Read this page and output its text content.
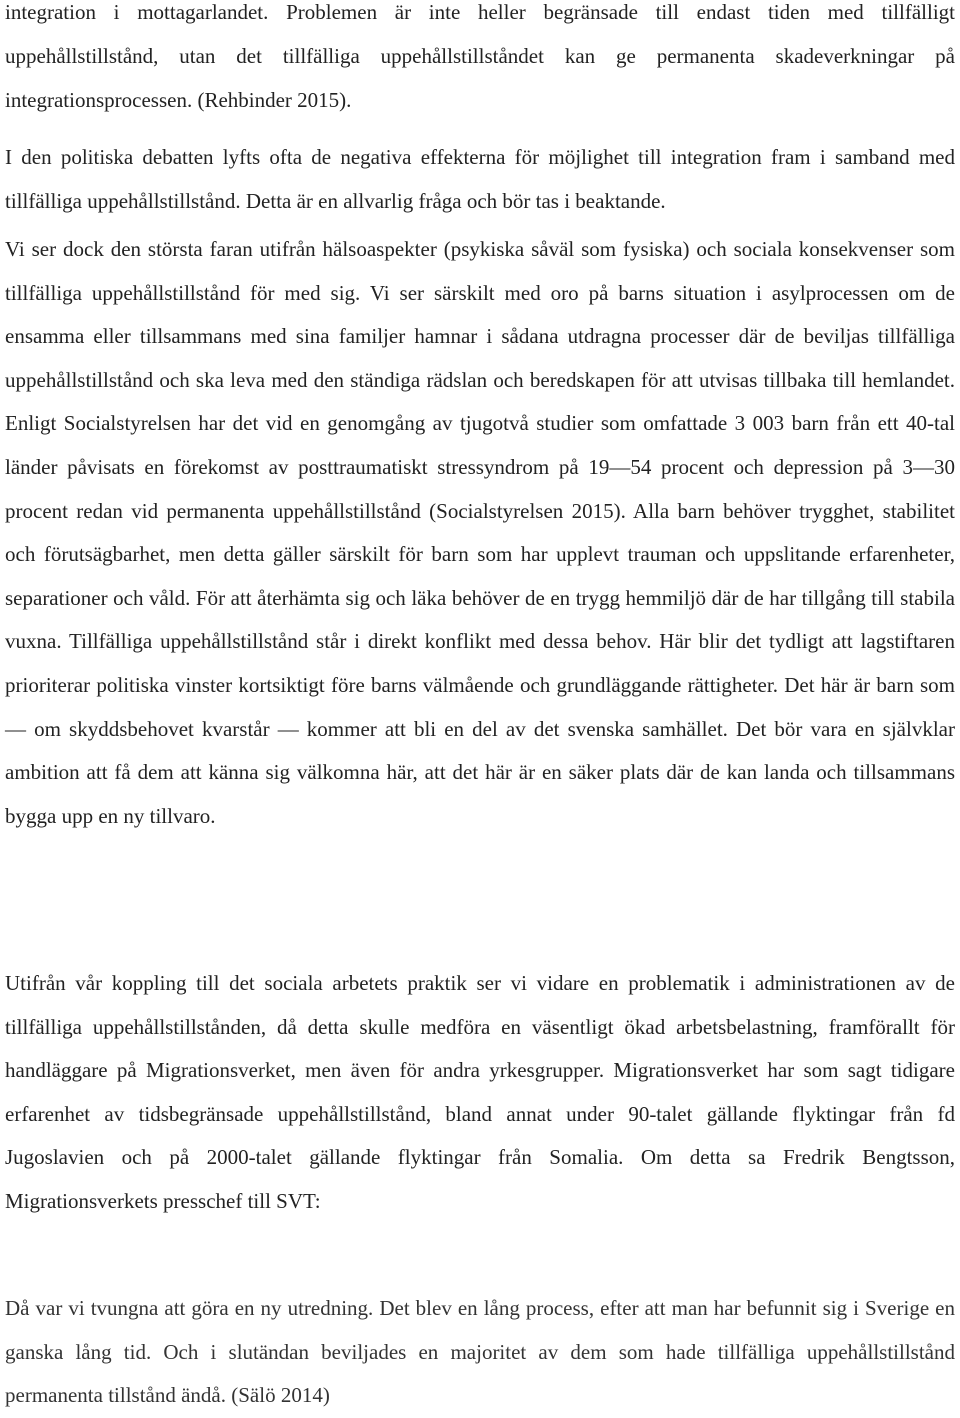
integration i mottagarlandet. Problemen är inte heller begränsade till endast tiden med tillfälligt uppehållstillstånd, utan det tillfälliga uppehållstillståndet kan ge permanenta skadeverkningar på integrationsprocessen. (Rehbinder 2015).

I den politiska debatten lyfts ofta de negativa effekterna för möjlighet till integration fram i samband med tillfälliga uppehållstillstånd. Detta är en allvarlig fråga och bör tas i beaktande.

Vi ser dock den största faran utifrån hälsoaspekter (psykiska såväl som fysiska) och sociala konsekvenser som tillfälliga uppehållstillstånd för med sig. Vi ser särskilt med oro på barns situation i asylprocessen om de ensamma eller tillsammans med sina familjer hamnar i sådana utdragna processer där de beviljas tillfälliga uppehållstillstånd och ska leva med den ständiga rädslan och beredskapen för att utvisas tillbaka till hemlandet. Enligt Socialstyrelsen har det vid en genomgång av tjugotvå studier som omfattade 3 003 barn från ett 40-tal länder påvisats en förekomst av posttraumatiskt stressyndrom på 19—54 procent och depression på 3—30 procent redan vid permanenta uppehållstillstånd (Socialstyrelsen 2015). Alla barn behöver trygghet, stabilitet och förutsägbarhet, men detta gäller särskilt för barn som har upplevt trauman och uppslitande erfarenheter, separationer och våld. För att återhämta sig och läka behöver de en trygg hemmiljö där de har tillgång till stabila vuxna. Tillfälliga uppehållstillstånd står i direkt konflikt med dessa behov. Här blir det tydligt att lagstiftaren prioriterar politiska vinster kortsiktigt före barns välmående och grundläggande rättigheter. Det här är barn som — om skyddsbehovet kvarstår — kommer att bli en del av det svenska samhället. Det bör vara en självklar ambition att få dem att känna sig välkomna här, att det här är en säker plats där de kan landa och tillsammans bygga upp en ny tillvaro.

Utifrån vår koppling till det sociala arbetets praktik ser vi vidare en problematik i administrationen av de tillfälliga uppehållstillstånden, då detta skulle medföra en väsentligt ökad arbetsbelastning, framförallt för handläggare på Migrationsverket, men även för andra yrkesgrupper. Migrationsverket har som sagt tidigare erfarenhet av tidsbegränsade uppehållstillstånd, bland annat under 90-talet gällande flyktingar från fd Jugoslavien och på 2000-talet gällande flyktingar från Somalia. Om detta sa Fredrik Bengtsson, Migrationsverkets presschef till SVT:

Då var vi tvungna att göra en ny utredning. Det blev en lång process, efter att man har befunnit sig i Sverige en ganska lång tid. Och i slutändan beviljades en majoritet av dem som hade tillfälliga uppehållstillstånd permanenta tillstånd ändå. (Sälö 2014)
